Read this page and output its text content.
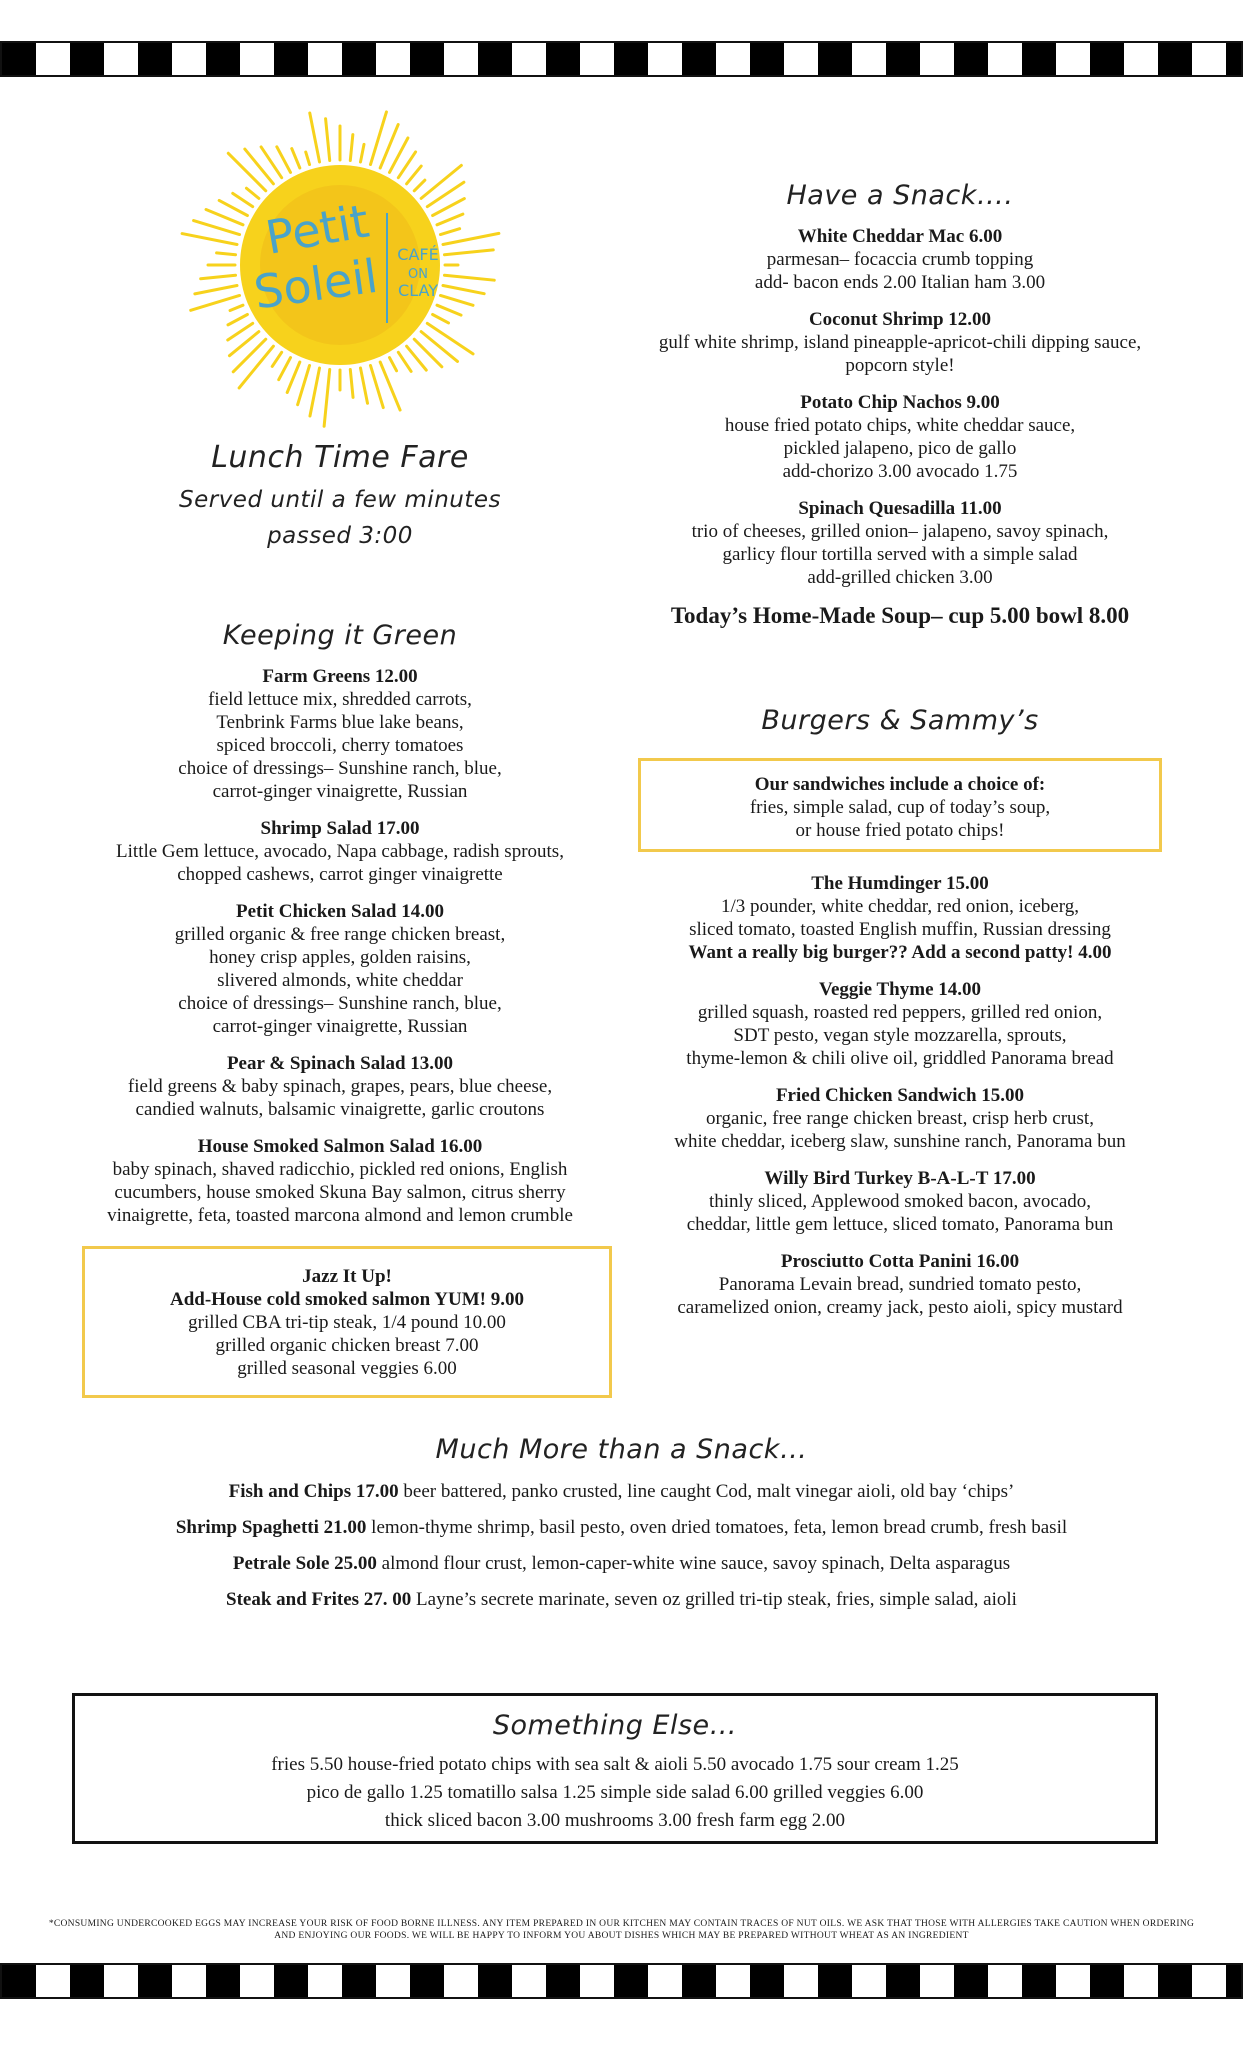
Petit
Soleil CAFÉ
ON
CLAY
Lunch Time Fare
Served until a few minutes
passed 3:00
Keeping it Green
Farm Greens 12.00
field lettuce mix, shredded carrots,
Tenbrink Farms blue lake beans,
spiced broccoli, cherry tomatoes
choice of dressings– Sunshine ranch, blue,
carrot-ginger vinaigrette, Russian
Shrimp Salad 17.00
Little Gem lettuce, avocado, Napa cabbage, radish sprouts,
chopped cashews, carrot ginger vinaigrette
Petit Chicken Salad 14.00
grilled organic & free range chicken breast,
honey crisp apples, golden raisins,
slivered almonds, white cheddar
choice of dressings– Sunshine ranch, blue,
carrot-ginger vinaigrette, Russian
Pear & Spinach Salad 13.00
field greens & baby spinach, grapes, pears, blue cheese,
candied walnuts, balsamic vinaigrette, garlic croutons
House Smoked Salmon Salad 16.00
baby spinach, shaved radicchio, pickled red onions, English
cucumbers, house smoked Skuna Bay salmon, citrus sherry
vinaigrette, feta, toasted marcona almond and lemon crumble
Jazz It Up!
Add-House cold smoked salmon YUM! 9.00
grilled CBA tri-tip steak, 1/4 pound 10.00
grilled organic chicken breast 7.00
grilled seasonal veggies 6.00
Have a Snack….
White Cheddar Mac 6.00
parmesan– focaccia crumb topping
add- bacon ends 2.00 Italian ham 3.00
Coconut Shrimp 12.00
gulf white shrimp, island pineapple-apricot-chili dipping sauce,
popcorn style!
Potato Chip Nachos 9.00
house fried potato chips, white cheddar sauce,
pickled jalapeno, pico de gallo
add-chorizo 3.00 avocado 1.75
Spinach Quesadilla 11.00
trio of cheeses, grilled onion– jalapeno, savoy spinach,
garlicy flour tortilla served with a simple salad
add-grilled chicken 3.00
Today’s Home-Made Soup– cup 5.00 bowl 8.00
Burgers & Sammy’s
Our sandwiches include a choice of:
fries, simple salad, cup of today’s soup,
or house fried potato chips!
The Humdinger 15.00
1/3 pounder, white cheddar, red onion, iceberg,
sliced tomato, toasted English muffin, Russian dressing
Want a really big burger?? Add a second patty! 4.00
Veggie Thyme 14.00
grilled squash, roasted red peppers, grilled red onion,
SDT pesto, vegan style mozzarella, sprouts,
thyme-lemon & chili olive oil, griddled Panorama bread
Fried Chicken Sandwich 15.00
organic, free range chicken breast, crisp herb crust,
white cheddar, iceberg slaw, sunshine ranch, Panorama bun
Willy Bird Turkey B-A-L-T 17.00
thinly sliced, Applewood smoked bacon, avocado,
cheddar, little gem lettuce, sliced tomato, Panorama bun
Prosciutto Cotta Panini 16.00
Panorama Levain bread, sundried tomato pesto,
caramelized onion, creamy jack, pesto aioli, spicy mustard
Much More than a Snack…
Fish and Chips 17.00 beer battered, panko crusted, line caught Cod, malt vinegar aioli, old bay ‘chips’
Shrimp Spaghetti 21.00 lemon-thyme shrimp, basil pesto, oven dried tomatoes, feta, lemon bread crumb, fresh basil
Petrale Sole 25.00 almond flour crust, lemon-caper-white wine sauce, savoy spinach, Delta asparagus
Steak and Frites 27. 00 Layne’s secrete marinate, seven oz grilled tri-tip steak, fries, simple salad, aioli
Something Else…
fries 5.50 house-fried potato chips with sea salt & aioli 5.50 avocado 1.75 sour cream 1.25
pico de gallo 1.25 tomatillo salsa 1.25 simple side salad 6.00 grilled veggies 6.00
thick sliced bacon 3.00 mushrooms 3.00 fresh farm egg 2.00
*CONSUMING UNDERCOOKED EGGS MAY INCREASE YOUR RISK OF FOOD BORNE ILLNESS. ANY ITEM PREPARED IN OUR KITCHEN MAY CONTAIN TRACES OF NUT OILS. WE ASK THAT THOSE WITH ALLERGIES TAKE CAUTION WHEN ORDERING
AND ENJOYING OUR FOODS. WE WILL BE HAPPY TO INFORM YOU ABOUT DISHES WHICH MAY BE PREPARED WITHOUT WHEAT AS AN INGREDIENT
